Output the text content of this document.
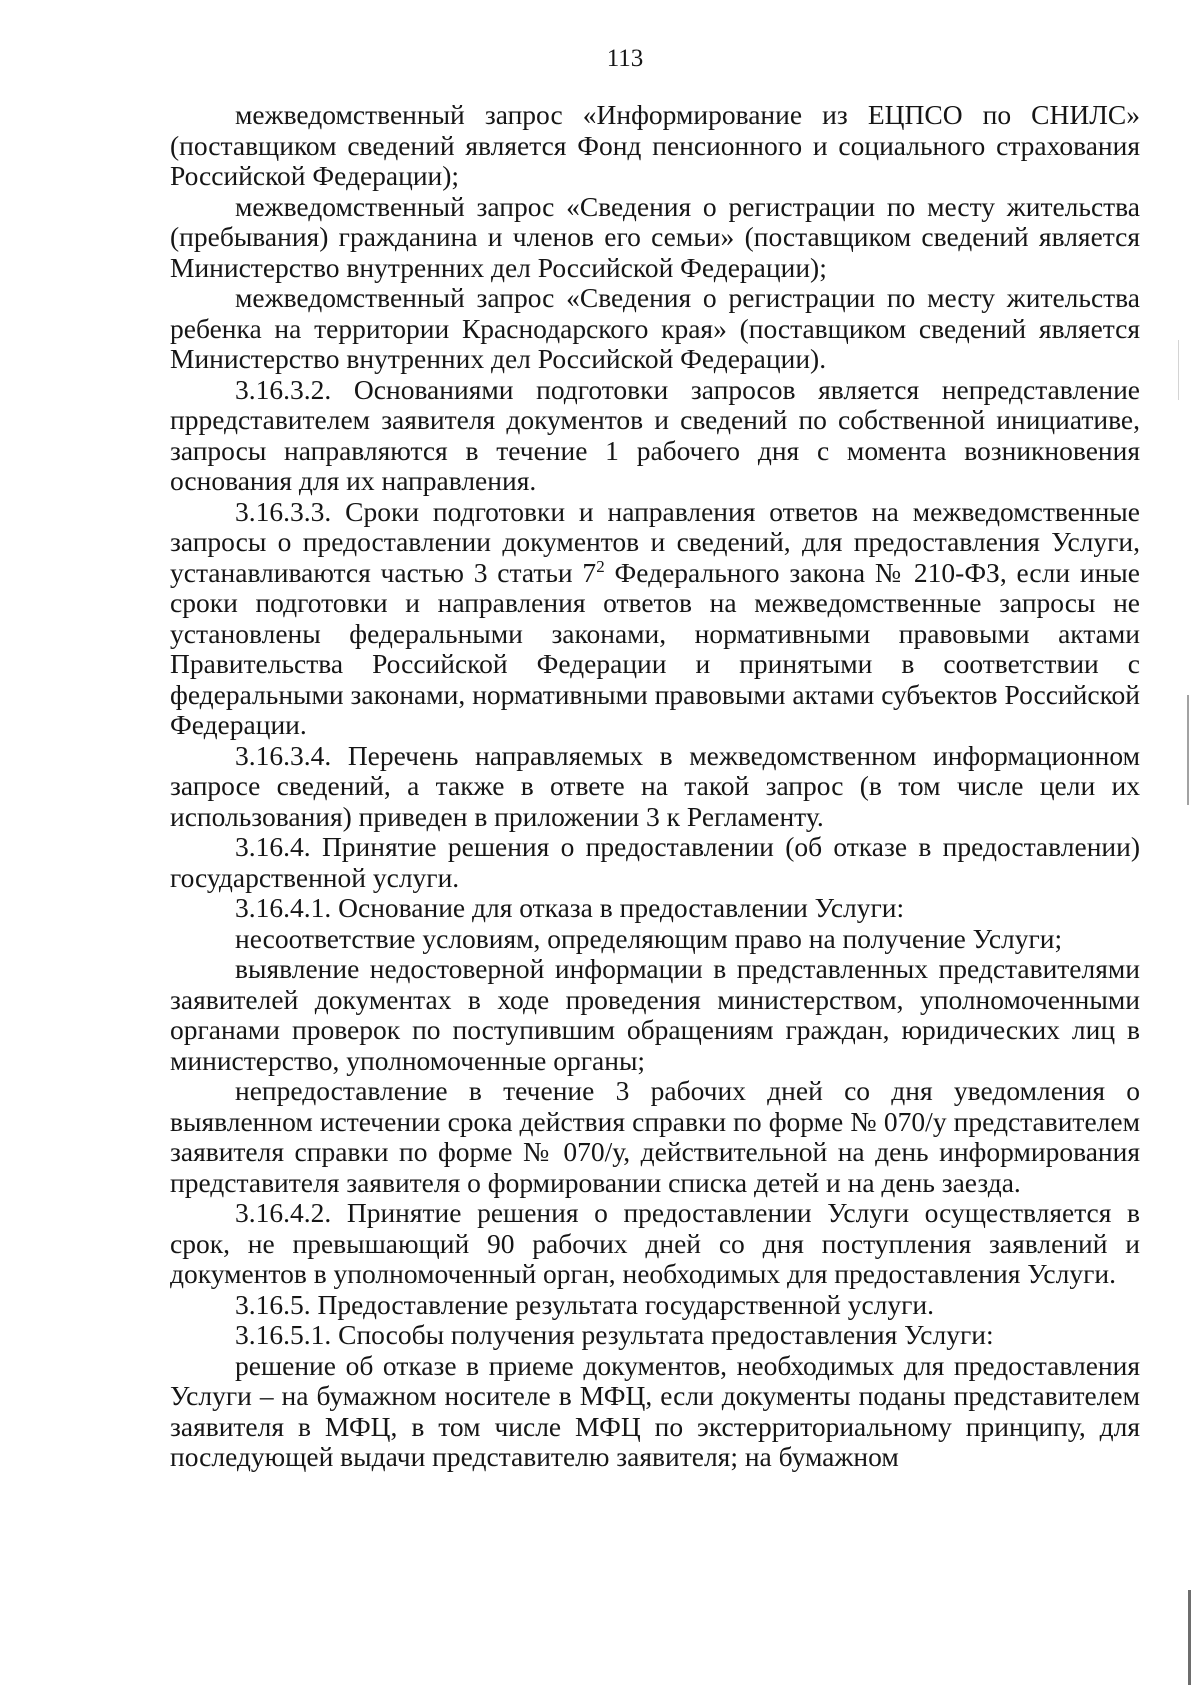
113

межведомственный запрос «Информирование из ЕЦПСО по СНИЛС» (поставщиком сведений является Фонд пенсионного и социального страхования Российской Федерации);

межведомственный запрос «Сведения о регистрации по месту жительства (пребывания) гражданина и членов его семьи» (поставщиком сведений является Министерство внутренних дел Российской Федерации);

межведомственный запрос «Сведения о регистрации по месту жительства ребенка на территории Краснодарского края» (поставщиком сведений является Министерство внутренних дел Российской Федерации).

3.16.3.2. Основаниями подготовки запросов является непредставление прредставителем заявителя документов и сведений по собственной инициативе, запросы направляются в течение 1 рабочего дня с момента возникновения основания для их направления.

3.16.3.3. Сроки подготовки и направления ответов на межведомственные запросы о предоставлении документов и сведений, для предоставления Услуги, устанавливаются частью 3 статьи $7^2$ Федерального закона № 210-ФЗ, если иные сроки подготовки и направления ответов на межведомственные запросы не установлены федеральными законами, нормативными правовыми актами Правительства Российской Федерации и принятыми в соответствии с федеральными законами, нормативными правовыми актами субъектов Российской Федерации.

3.16.3.4. Перечень направляемых в межведомственном информационном запросе сведений, а также в ответе на такой запрос (в том числе цели их использования) приведен в приложении 3 к Регламенту.

3.16.4. Принятие решения о предоставлении (об отказе в предоставлении) государственной услуги.

3.16.4.1. Основание для отказа в предоставлении Услуги:

несоответствие условиям, определяющим право на получение Услуги;

выявление недостоверной информации в представленных представителями заявителей документах в ходе проведения министерством, уполномоченными органами проверок по поступившим обращениям граждан, юридических лиц в министерство, уполномоченные органы;

непредоставление в течение 3 рабочих дней со дня уведомления о выявленном истечении срока действия справки по форме № 070/у представителем заявителя справки по форме № 070/у, действительной на день информирования представителя заявителя о формировании списка детей и на день заезда.

3.16.4.2. Принятие решения о предоставлении Услуги осуществляется в срок, не превышающий 90 рабочих дней со дня поступления заявлений и документов в уполномоченный орган, необходимых для предоставления Услуги.

3.16.5. Предоставление результата государственной услуги.

3.16.5.1. Способы получения результата предоставления Услуги:

решение об отказе в приеме документов, необходимых для предоставления Услуги – на бумажном носителе в МФЦ, если документы поданы представителем заявителя в МФЦ, в том числе МФЦ по экстерриториальному принципу, для последующей выдачи представителю заявителя; на бумажном
